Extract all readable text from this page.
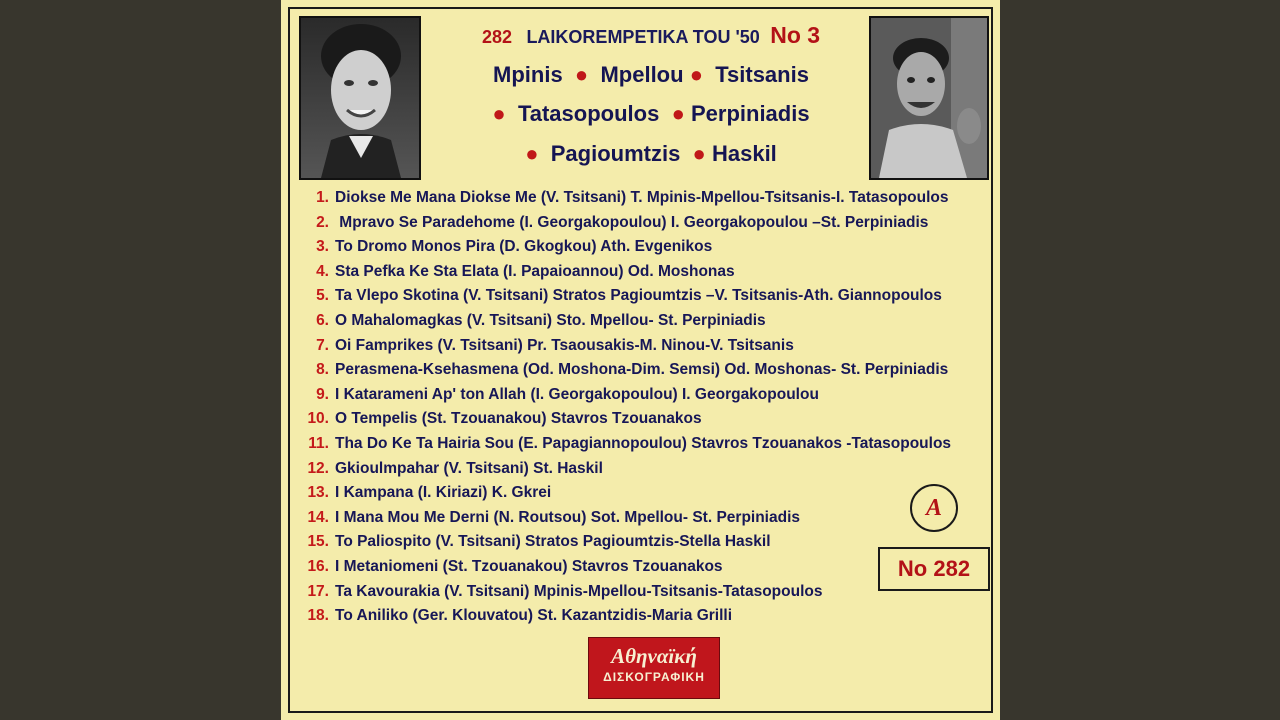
282 LAIKOREMPETIKA TOU '50 No 3
Mpinis  ●  Mpellou ●  Tsitsanis
●  Tatasopoulos  ● Perpiniadis
●  Pagioumtzis  ● Haskil
1. Diokse Me Mana Diokse Me (V. Tsitsani) T. Mpinis-Mpellou-Tsitsanis-I. Tatasopoulos
2. Mpravo Se Paradehome (I. Georgakopoulou) I. Georgakopoulou –St. Perpiniadis
3. To Dromo Monos Pira (D. Gkogkou) Ath. Evgenikos
4. Sta Pefka Ke Sta Elata (I. Papaioannou) Od. Moshonas
5. Ta Vlepo Skotina (V. Tsitsani) Stratos Pagioumtzis –V. Tsitsanis-Ath. Giannopoulos
6. O Mahalomagkas (V. Tsitsani) Sto. Mpellou- St. Perpiniadis
7. Oi Famprikes (V. Tsitsani) Pr. Tsaousakis-M. Ninou-V. Tsitsanis
8. Perasmena-Ksehasmena (Od. Moshona-Dim. Semsi) Od. Moshonas- St. Perpiniadis
9. I Katarameni Ap' ton Allah (I. Georgakopoulou) I. Georgakopoulou
10. O Tempelis (St. Tzouanakou) Stavros Tzouanakos
11. Tha Do Ke Ta Hairia Sou (E. Papagiannopoulou) Stavros Tzouanakos -Tatasopoulos
12. Gkioulmpahar (V. Tsitsani) St. Haskil
13. I Kampana (I. Kiriazi) K. Gkrei
14. I Mana Mou Me Derni (N. Routsou) Sot. Mpellou- St. Perpiniadis
15. To Paliospito (V. Tsitsani) Stratos Pagioumtzis-Stella Haskil
16. I Metaniomeni (St. Tzouanakou) Stavros Tzouanakos
17. Ta Kavourakia (V. Tsitsani) Mpinis-Mpellou-Tsitsanis-Tatasopoulos
18. To Aniliko (Ger. Klouvatou) St. Kazantzidis-Maria Grilli
A
No 282
Αθηναϊκή
ΔΙΣΚΟΓΡΑΦΙΚΗ
